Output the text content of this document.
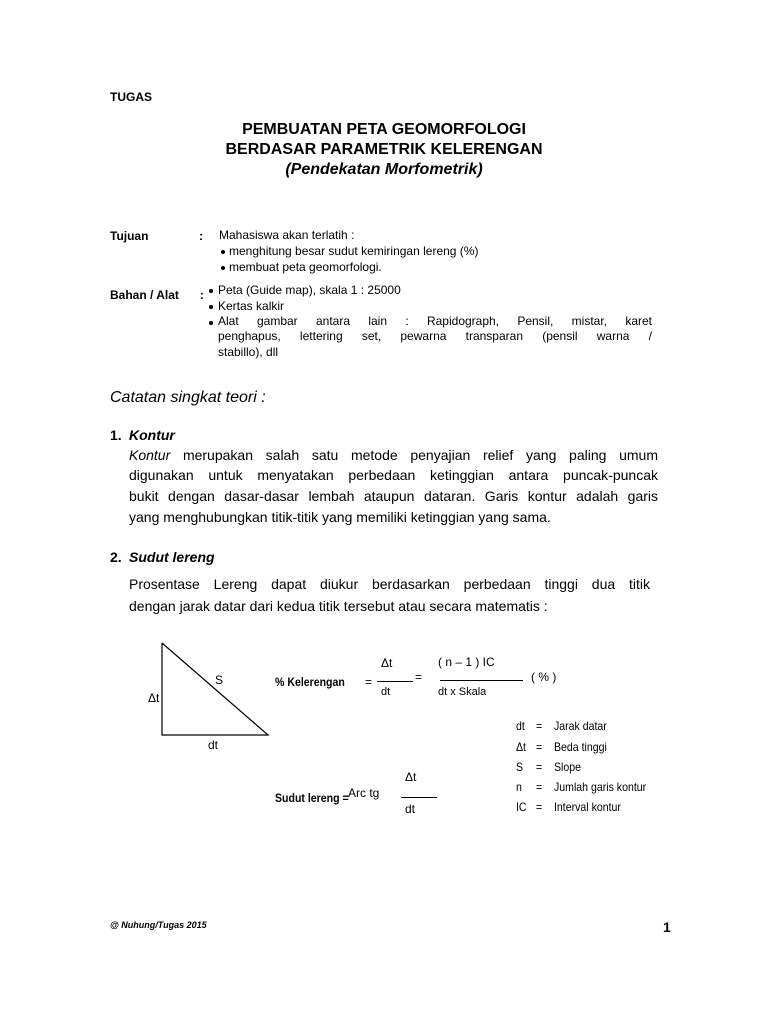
TUGAS
PEMBUATAN PETA GEOMORFOLOGI
BERDASAR PARAMETRIK KELERENGAN
(Pendekatan Morfometrik)
Tujuan	: Mahasiswa akan terlatih :
menghitung besar sudut kemiringan lereng (%)
membuat peta geomorfologi.
Bahan / Alat : Peta (Guide map), skala 1 : 25000
Kertas kalkir
Alat gambar antara lain : Rapidograph, Pensil, mistar, karet
penghapus, lettering set, pewarna transparan (pensil warna /
stabillo), dll
Catatan singkat teori :
1. Kontur
Kontur merupakan salah satu metode penyajian relief yang paling umum
digunakan untuk menyatakan perbedaan ketinggian antara puncak-puncak
bukit dengan dasar-dasar lembah ataupun dataran. Garis kontur adalah garis
yang menghubungkan titik-titik yang memiliki ketinggian yang sama.
2. Sudut lereng
Prosentase Lereng dapat diukur berdasarkan perbedaan tinggi dua titik
dengan jarak datar dari kedua titik tersebut atau secara matematis :
S
Δt
dt
% Kelerengan =
Δt
dt
=
( n – 1 ) IC
dt x Skala
( % )
Sudut lereng = Arc tg
Δt
dt
dt = Jarak datar
Δt = Beda tinggi
S = Slope
n = Jumlah garis kontur
IC = Interval kontur
@ Nuhung/Tugas 2015	1
